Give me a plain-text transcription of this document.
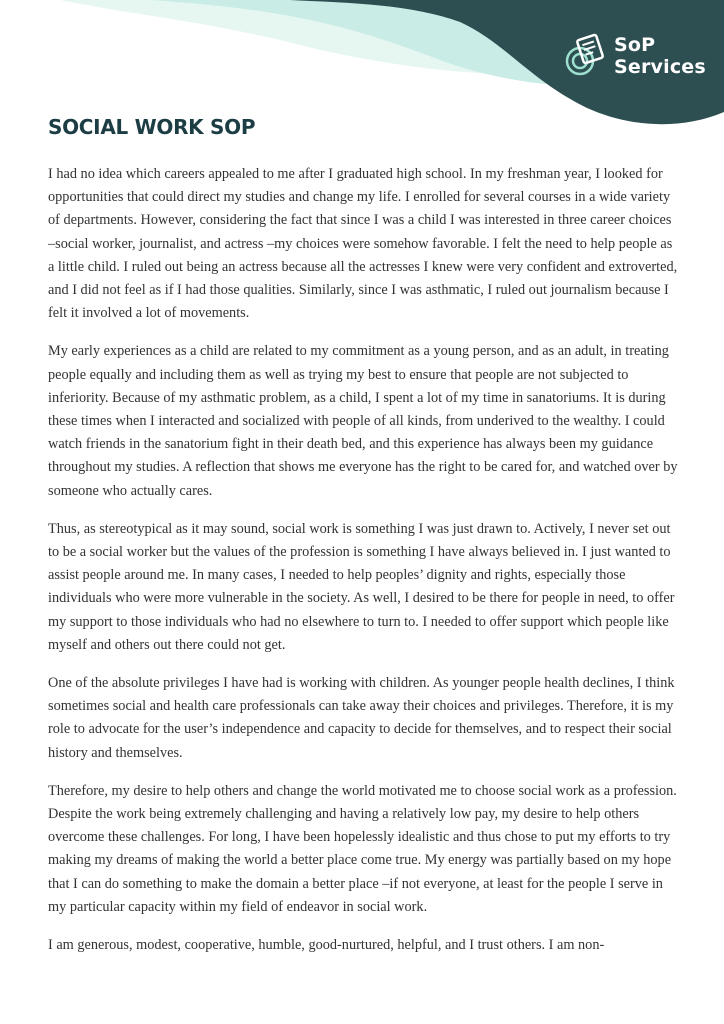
SoP
Services
SOCIAL WORK SOP

I had no idea which careers appealed to me after I graduated high school. In my freshman year, I looked for opportunities that could direct my studies and change my life. I enrolled for several courses in a wide variety of departments. However, considering the fact that since I was a child I was interested in three career choices –social worker, journalist, and actress –my choices were somehow favorable. I felt the need to help people as a little child. I ruled out being an actress because all the actresses I knew were very confident and extroverted, and I did not feel as if I had those qualities. Similarly, since I was asthmatic, I ruled out journalism because I felt it involved a lot of movements.

My early experiences as a child are related to my commitment as a young person, and as an adult, in treating people equally and including them as well as trying my best to ensure that people are not subjected to inferiority. Because of my asthmatic problem, as a child, I spent a lot of my time in sanatoriums. It is during these times when I interacted and socialized with people of all kinds, from underived to the wealthy. I could watch friends in the sanatorium fight in their death bed, and this experience has always been my guidance throughout my studies. A reflection that shows me everyone has the right to be cared for, and watched over by someone who actually cares.

Thus, as stereotypical as it may sound, social work is something I was just drawn to. Actively, I never set out to be a social worker but the values of the profession is something I have always believed in. I just wanted to assist people around me. In many cases, I needed to help peoples’ dignity and rights, especially those individuals who were more vulnerable in the society. As well, I desired to be there for people in need, to offer my support to those individuals who had no elsewhere to turn to. I needed to offer support which people like myself and others out there could not get.

One of the absolute privileges I have had is working with children. As younger people health declines, I think sometimes social and health care professionals can take away their choices and privileges. Therefore, it is my role to advocate for the user’s independence and capacity to decide for themselves, and to respect their social history and themselves.

Therefore, my desire to help others and change the world motivated me to choose social work as a profession. Despite the work being extremely challenging and having a relatively low pay, my desire to help others overcome these challenges. For long, I have been hopelessly idealistic and thus chose to put my efforts to try making my dreams of making the world a better place come true. My energy was partially based on my hope that I can do something to make the domain a better place –if not everyone, at least for the people I serve in my particular capacity within my field of endeavor in social work.

I am generous, modest, cooperative, humble, good-nurtured, helpful, and I trust others. I am non-
